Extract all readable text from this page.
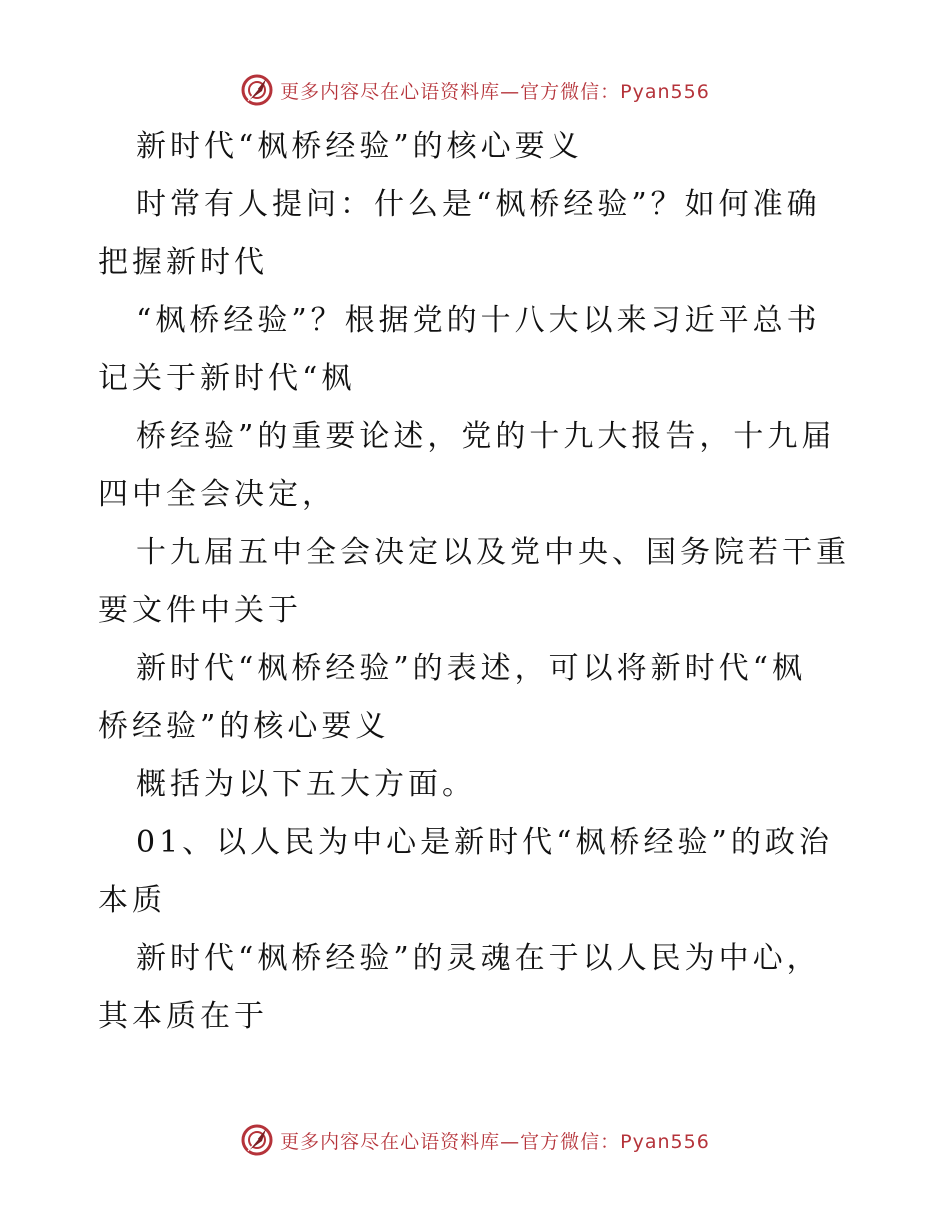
更多内容尽在心语资料库—官方微信：Pyan556
新时代“枫桥经验”的核心要义
时常有人提问：什么是“枫桥经验”？如何准确
把握新时代
“枫桥经验”？根据党的十八大以来习近平总书
记关于新时代“枫
桥经验”的重要论述，党的十九大报告，十九届
四中全会决定，
十九届五中全会决定以及党中央、国务院若干重
要文件中关于
新时代“枫桥经验”的表述，可以将新时代“枫
桥经验”的核心要义
概括为以下五大方面。
01、以人民为中心是新时代“枫桥经验”的政治
本质
新时代“枫桥经验”的灵魂在于以人民为中心，
其本质在于
更多内容尽在心语资料库—官方微信：Pyan556
